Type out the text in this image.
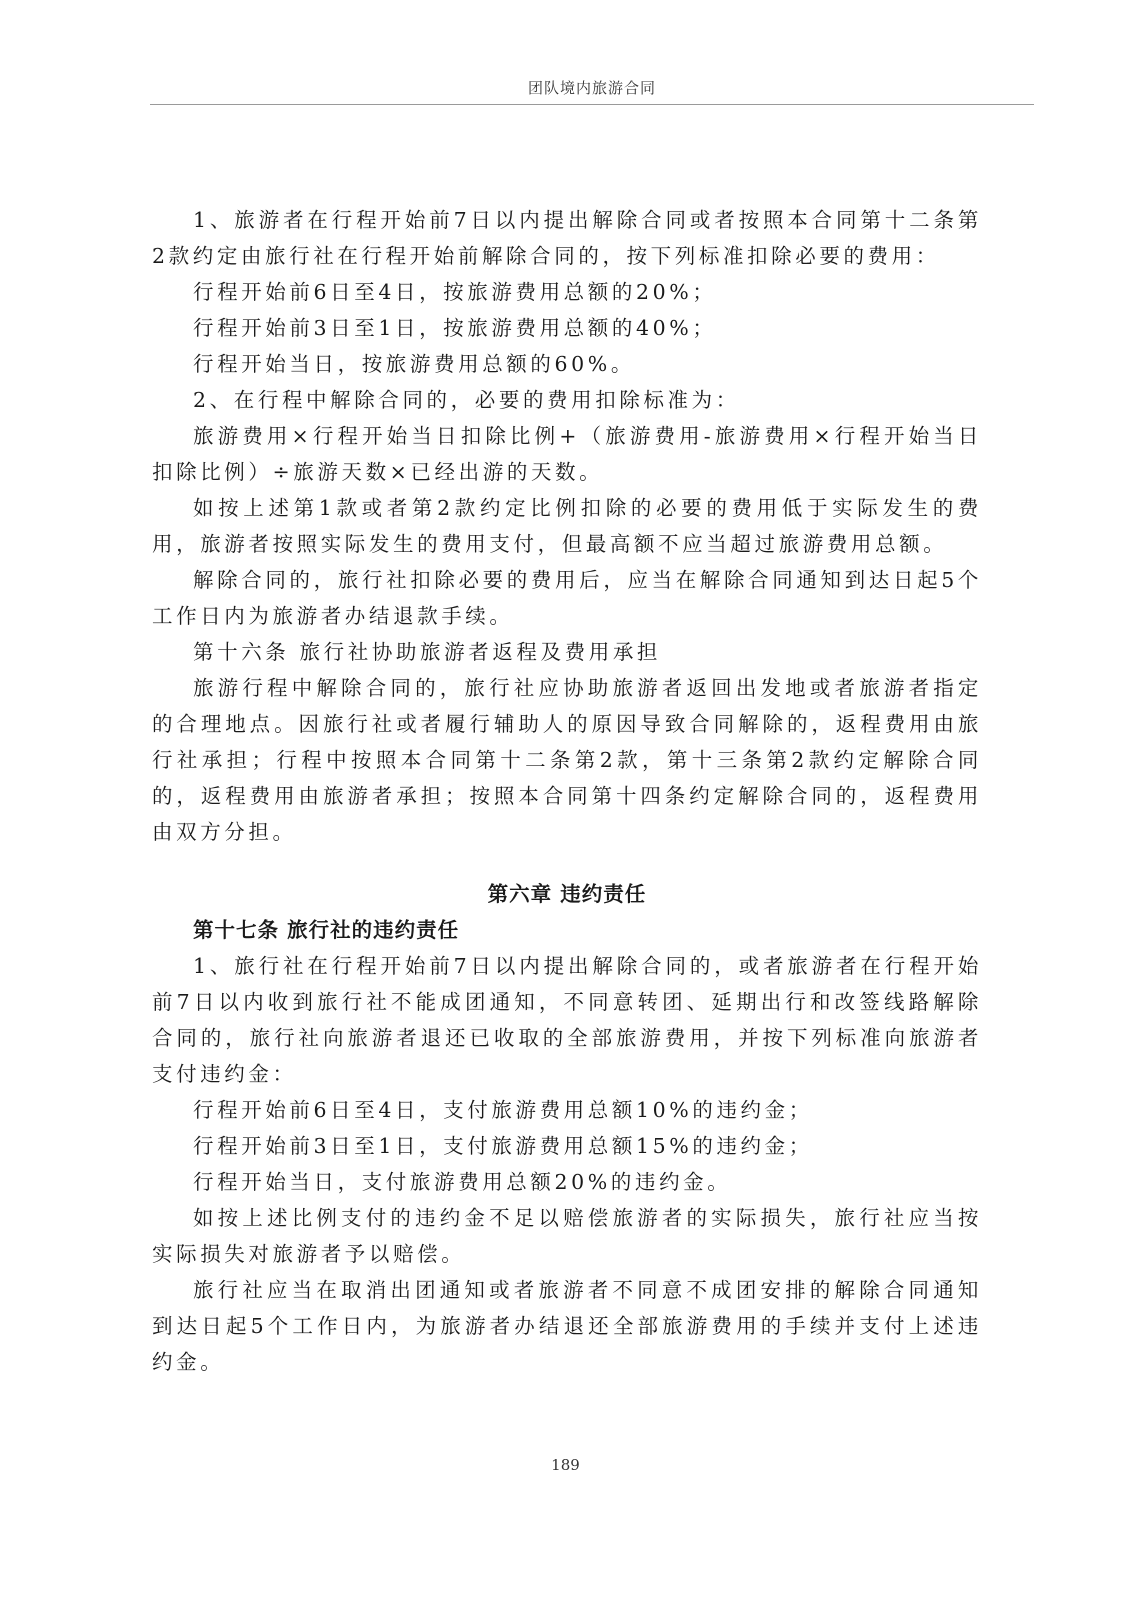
团队境内旅游合同

1、旅游者在行程开始前7日以内提出解除合同或者按照本合同第十二条第2款约定由旅行社在行程开始前解除合同的，按下列标准扣除必要的费用：

行程开始前6日至4日，按旅游费用总额的20%；

行程开始前3日至1日，按旅游费用总额的40%；

行程开始当日，按旅游费用总额的60%。

2、在行程中解除合同的，必要的费用扣除标准为：

旅游费用×行程开始当日扣除比例+（旅游费用-旅游费用×行程开始当日扣除比例）÷旅游天数×已经出游的天数。

如按上述第1款或者第2款约定比例扣除的必要的费用低于实际发生的费用，旅游者按照实际发生的费用支付，但最高额不应当超过旅游费用总额。

解除合同的，旅行社扣除必要的费用后，应当在解除合同通知到达日起5个工作日内为旅游者办结退款手续。

第十六条 旅行社协助旅游者返程及费用承担

旅游行程中解除合同的，旅行社应协助旅游者返回出发地或者旅游者指定的合理地点。因旅行社或者履行辅助人的原因导致合同解除的，返程费用由旅行社承担；行程中按照本合同第十二条第2款，第十三条第2款约定解除合同的，返程费用由旅游者承担；按照本合同第十四条约定解除合同的，返程费用由双方分担。

第六章 违约责任
第十七条 旅行社的违约责任

1、旅行社在行程开始前7日以内提出解除合同的，或者旅游者在行程开始前7日以内收到旅行社不能成团通知，不同意转团、延期出行和改签线路解除合同的，旅行社向旅游者退还已收取的全部旅游费用，并按下列标准向旅游者支付违约金：

行程开始前6日至4日，支付旅游费用总额10%的违约金；

行程开始前3日至1日，支付旅游费用总额15%的违约金；

行程开始当日，支付旅游费用总额20%的违约金。

如按上述比例支付的违约金不足以赔偿旅游者的实际损失，旅行社应当按实际损失对旅游者予以赔偿。

旅行社应当在取消出团通知或者旅游者不同意不成团安排的解除合同通知到达日起5个工作日内，为旅游者办结退还全部旅游费用的手续并支付上述违约金。

189
